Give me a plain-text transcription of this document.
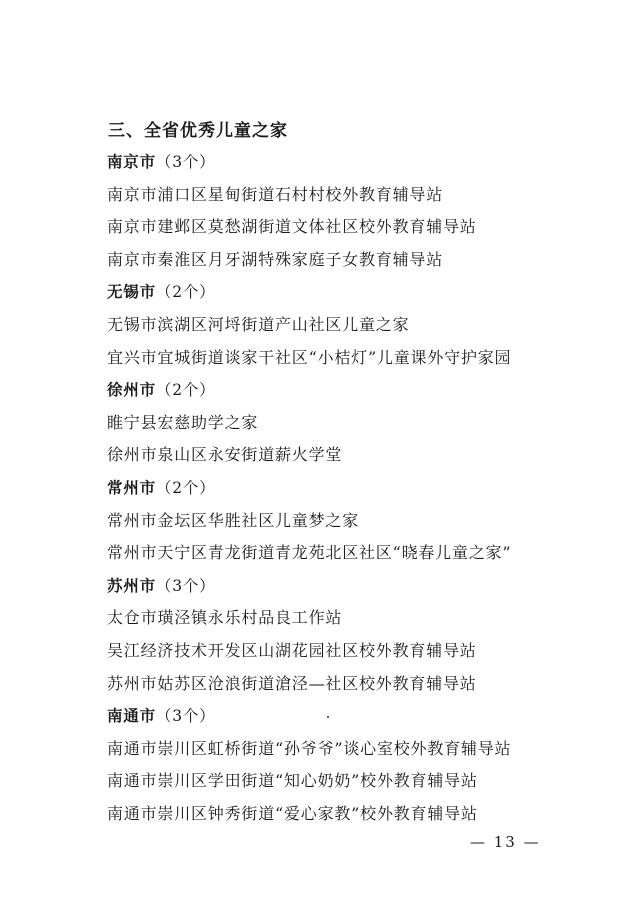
三、全省优秀儿童之家
南京市（3个）
南京市浦口区星甸街道石村村校外教育辅导站
南京市建邺区莫愁湖街道文体社区校外教育辅导站
南京市秦淮区月牙湖特殊家庭子女教育辅导站
无锡市（2个）
无锡市滨湖区河埒街道产山社区儿童之家
宜兴市宜城街道谈家干社区“小桔灯”儿童课外守护家园
徐州市（2个）
睢宁县宏慈助学之家
徐州市泉山区永安街道薪火学堂
常州市（2个）
常州市金坛区华胜社区儿童梦之家
常州市天宁区青龙街道青龙苑北区社区“晓春儿童之家”
苏州市（3个）
太仓市璜泾镇永乐村品良工作站
吴江经济技术开发区山湖花园社区校外教育辅导站
苏州市姑苏区沧浪街道滄泾—社区校外教育辅导站
南通市（3个）
南通市崇川区虹桥街道“孙爷爷”谈心室校外教育辅导站
南通市崇川区学田街道“知心奶奶”校外教育辅导站
南通市崇川区钟秀街道“爱心家教”校外教育辅导站
— 13 —
